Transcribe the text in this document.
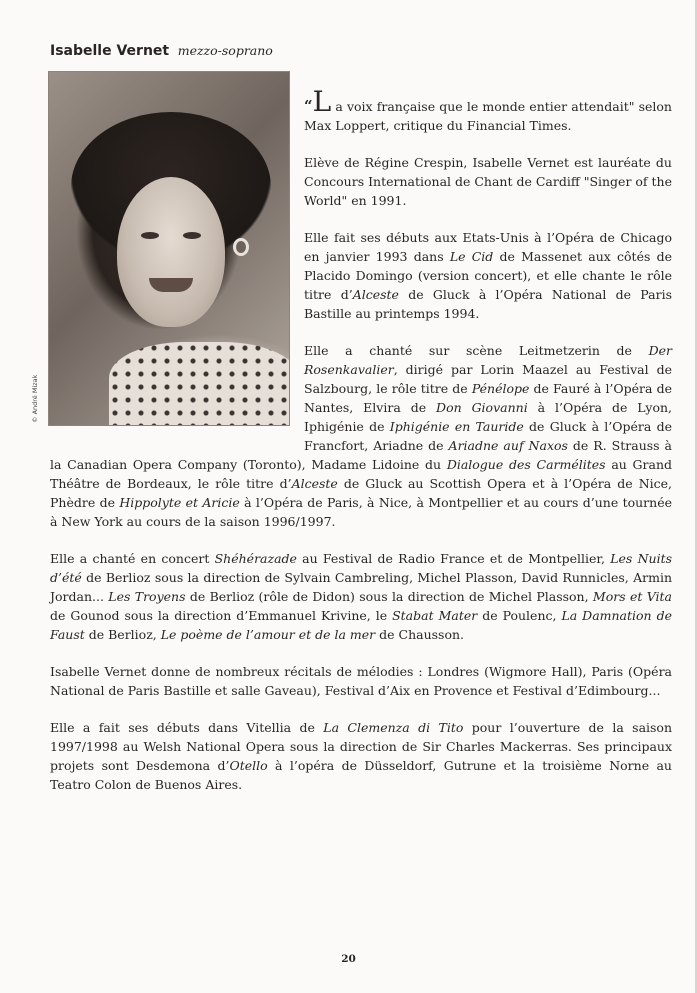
Isabelle Vernet mezzo-soprano
© André Mizak

“L a voix française que le monde entier attendait" selon Max Loppert, critique du Financial Times.

Elève de Régine Crespin, Isabelle Vernet est lauréate du Concours International de Chant de Cardiff "Singer of the World" en 1991.

Elle fait ses débuts aux Etats-Unis à l’Opéra de Chicago en janvier 1993 dans Le Cid de Massenet aux côtés de Placido Domingo (version concert), et elle chante le rôle titre d’Alceste de Gluck à l’Opéra National de Paris Bastille au printemps 1994.

Elle a chanté sur scène Leitmetzerin de Der Rosenkavalier, dirigé par Lorin Maazel au Festival de Salzbourg, le rôle titre de Pénélope de Fauré à l’Opéra de Nantes, Elvira de Don Giovanni à l’Opéra de Lyon, Iphigénie de Iphigénie en Tauride de Gluck à l’Opéra de Francfort, Ariadne de Ariadne auf Naxos de R. Strauss à la Canadian Opera Company (Toronto), Madame Lidoine du Dialogue des Carmélites au Grand Théâtre de Bordeaux, le rôle titre d’Alceste de Gluck au Scottish Opera et à l’Opéra de Nice, Phèdre de Hippolyte et Aricie à l’Opéra de Paris, à Nice, à Montpellier et au cours d’une tournée à New York au cours de la saison 1996/1997.

Elle a chanté en concert Shéhérazade au Festival de Radio France et de Montpellier, Les Nuits d’été de Berlioz sous la direction de Sylvain Cambreling, Michel Plasson, David Runnicles, Armin Jordan... Les Troyens de Berlioz (rôle de Didon) sous la direction de Michel Plasson, Mors et Vita de Gounod sous la direction d’Emmanuel Krivine, le Stabat Mater de Poulenc, La Damnation de Faust de Berlioz, Le poème de l’amour et de la mer de Chausson.

Isabelle Vernet donne de nombreux récitals de mélodies : Londres (Wigmore Hall), Paris (Opéra National de Paris Bastille et salle Gaveau), Festival d’Aix en Provence et Festival d’Edimbourg...

Elle a fait ses débuts dans Vitellia de La Clemenza di Tito pour l’ouverture de la saison 1997/1998 au Welsh National Opera sous la direction de Sir Charles Mackerras. Ses principaux projets sont Desdemona d’Otello à l’opéra de Düsseldorf, Gutrune et la troisième Norne au Teatro Colon de Buenos Aires.

20
